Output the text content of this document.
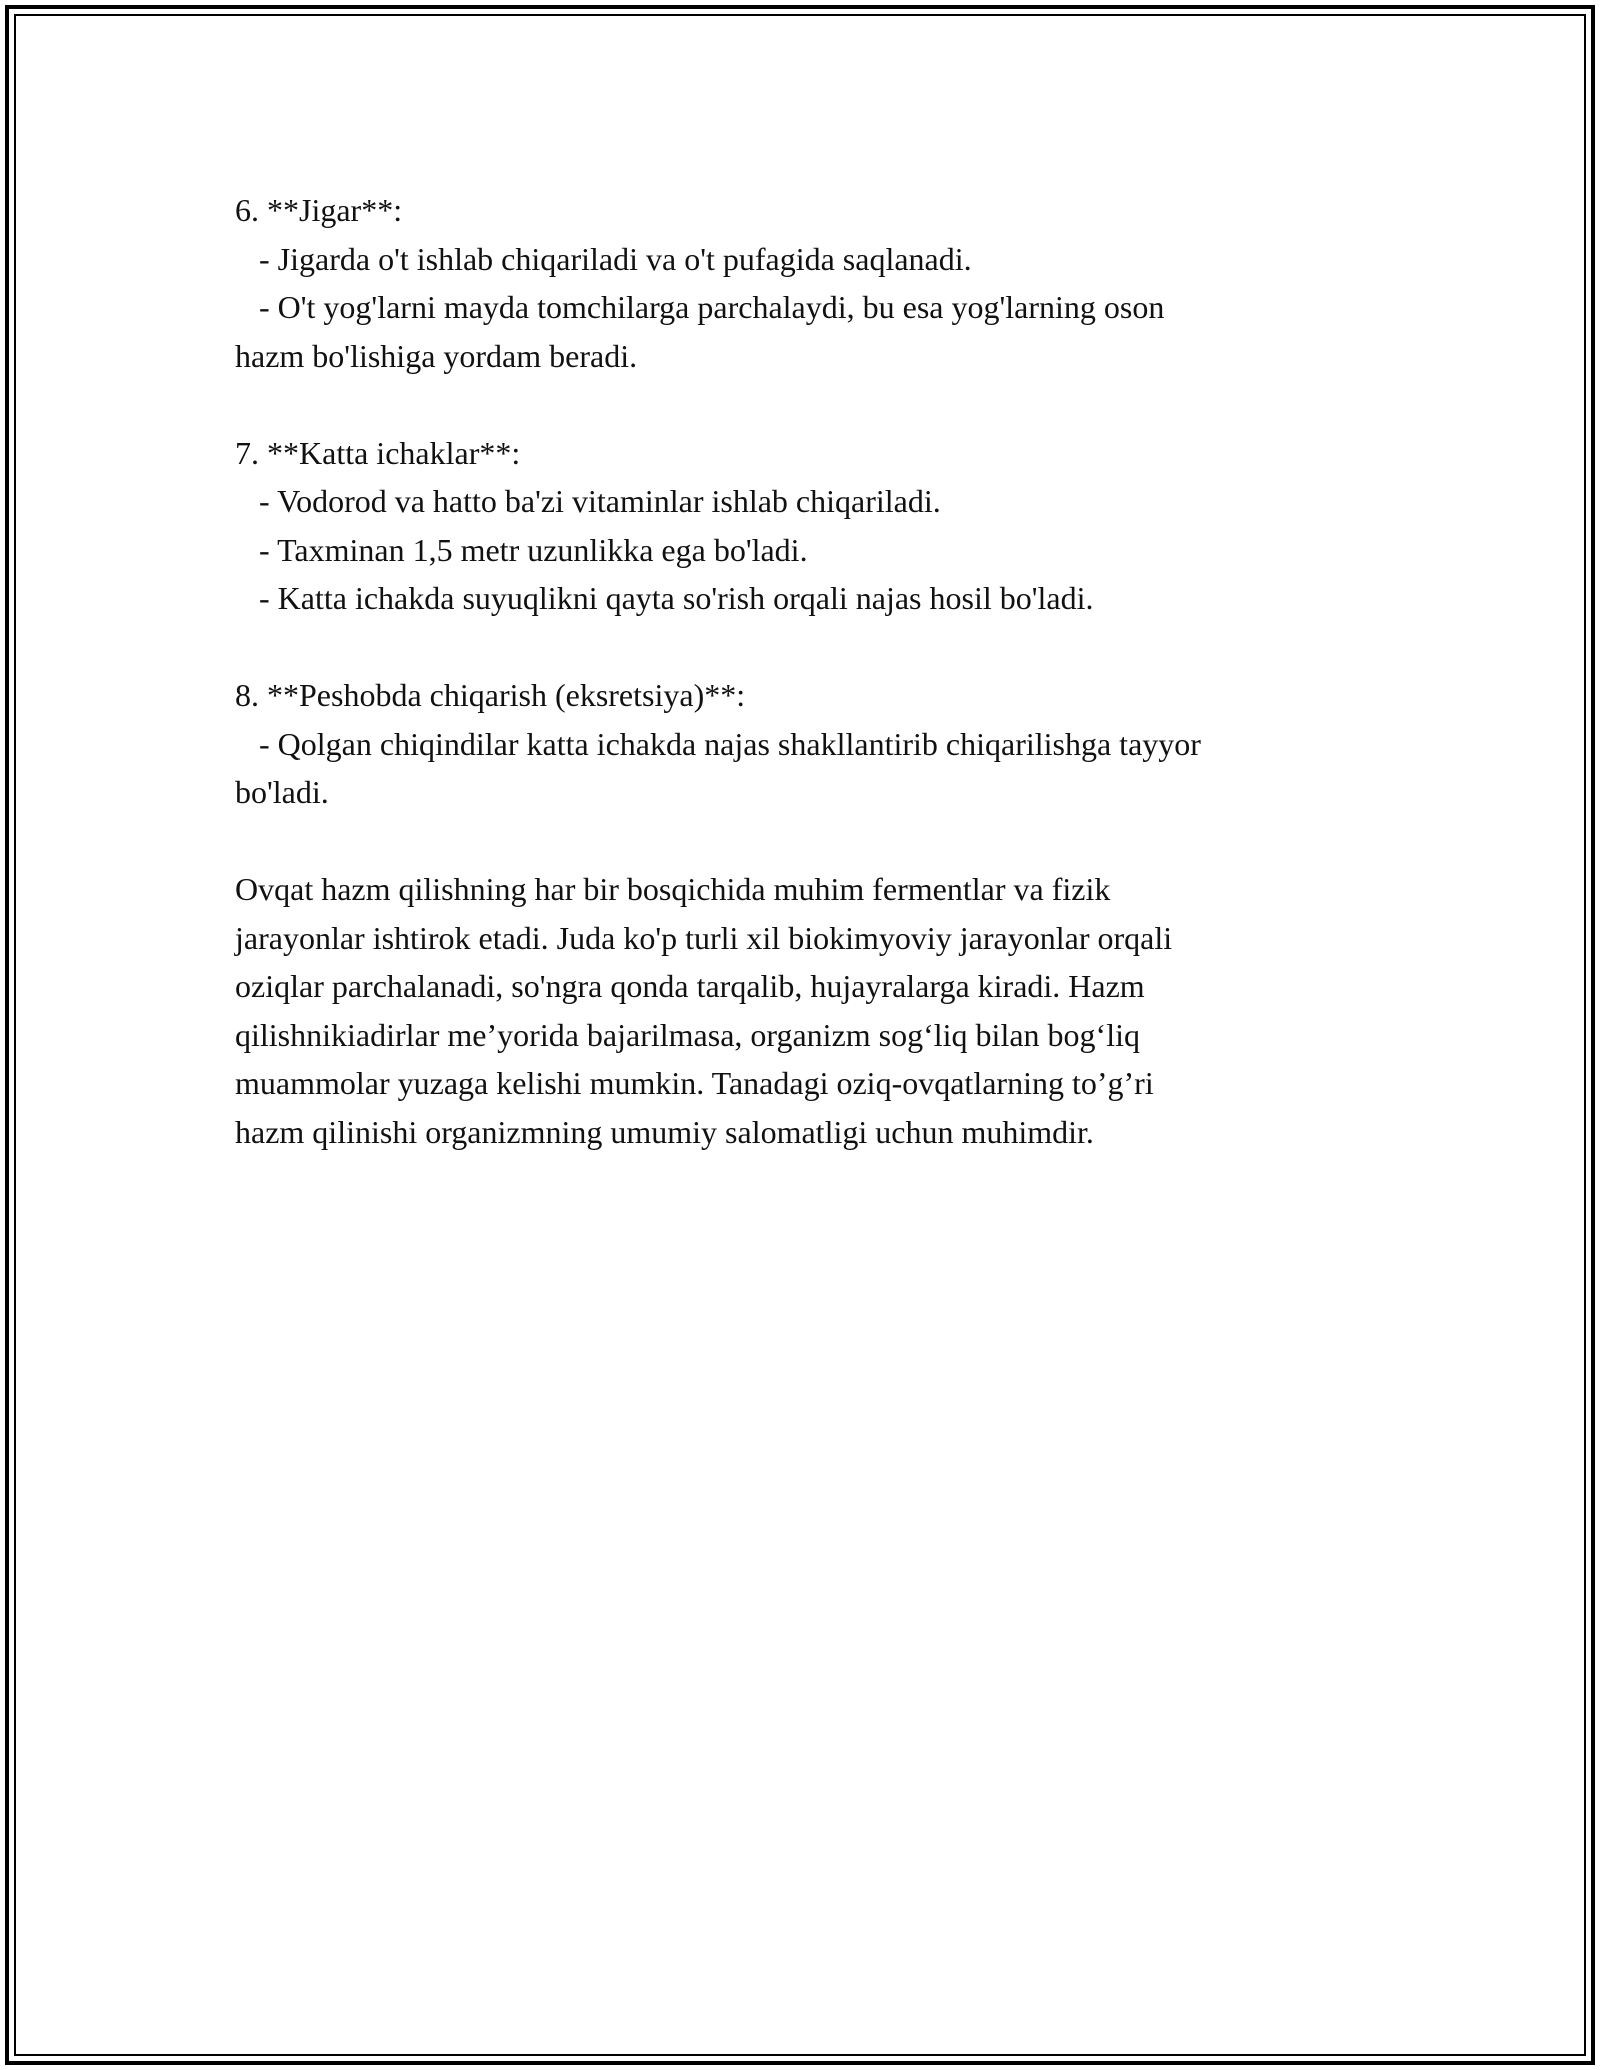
6. **Jigar**:
- Jigarda o't ishlab chiqariladi va o't pufagida saqlanadi.
- O't yog'larni mayda tomchilarga parchalaydi, bu esa yog'larning oson
hazm bo'lishiga yordam beradi.
7. **Katta ichaklar**:
- Vodorod va hatto ba'zi vitaminlar ishlab chiqariladi.
- Taxminan 1,5 metr uzunlikka ega bo'ladi.
- Katta ichakda suyuqlikni qayta so'rish orqali najas hosil bo'ladi.
8. **Peshobda chiqarish (eksretsiya)**:
- Qolgan chiqindilar katta ichakda najas shakllantirib chiqarilishga tayyor
bo'ladi.
Ovqat hazm qilishning har bir bosqichida muhim fermentlar va fizik
jarayonlar ishtirok etadi. Juda ko'p turli xil biokimyoviy jarayonlar orqali
oziqlar parchalanadi, so'ngra qonda tarqalib, hujayralarga kiradi. Hazm
qilishnikiadirlar me’yorida bajarilmasa, organizm sog‘liq bilan bog‘liq
muammolar yuzaga kelishi mumkin. Tanadagi oziq-ovqatlarning to’g’ri
hazm qilinishi organizmning umumiy salomatligi uchun muhimdir.
